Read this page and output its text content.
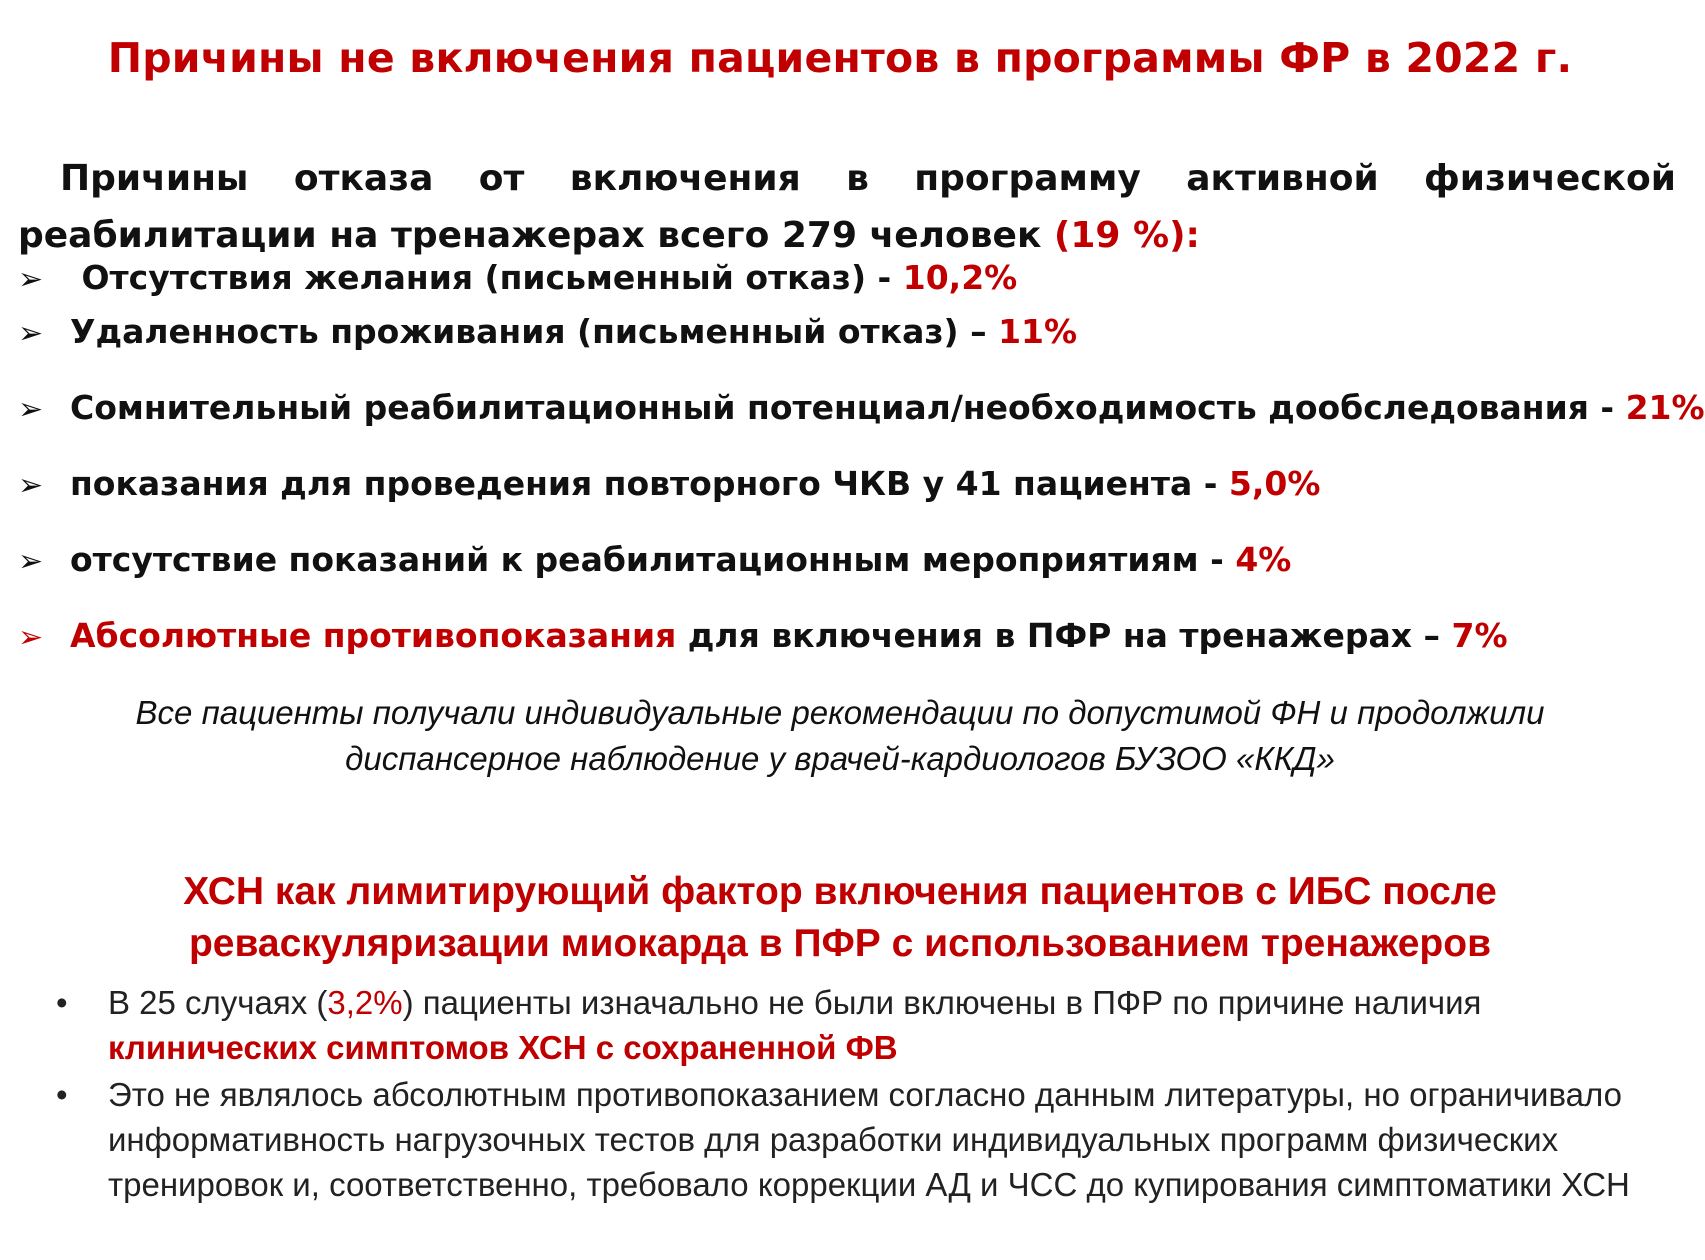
Причины не включения пациентов в программы ФР в 2022 г.
Причины отказа от включения в программу активной физической
реабилитации на тренажерах всего 279 человек (19 %):
➢ Отсутствия желания (письменный отказ) - 10,2%
➢ Удаленность проживания (письменный отказ) – 11%
➢ Сомнительный реабилитационный потенциал/необходимость дообследования - 21%
➢ показания для проведения повторного ЧКВ у 41 пациента - 5,0%
➢ отсутствие показаний к реабилитационным мероприятиям - 4%
➢ Абсолютные противопоказания для включения в ПФР на тренажерах – 7%
Все пациенты получали индивидуальные рекомендации по допустимой ФН и продолжили
диспансерное наблюдение у врачей-кардиологов БУЗОО «ККД»
ХСН как лимитирующий фактор включения пациентов с ИБС после
реваскуляризации миокарда в ПФР с использованием тренажеров
• В 25 случаях (3,2%) пациенты изначально не были включены в ПФР по причине наличия клинических симптомов ХСН с сохраненной ФВ
• Это не являлось абсолютным противопоказанием согласно данным литературы, но ограничивало информативность нагрузочных тестов для разработки индивидуальных программ физических тренировок и, соответственно, требовало коррекции АД и ЧСС до купирования симптоматики ХСН
